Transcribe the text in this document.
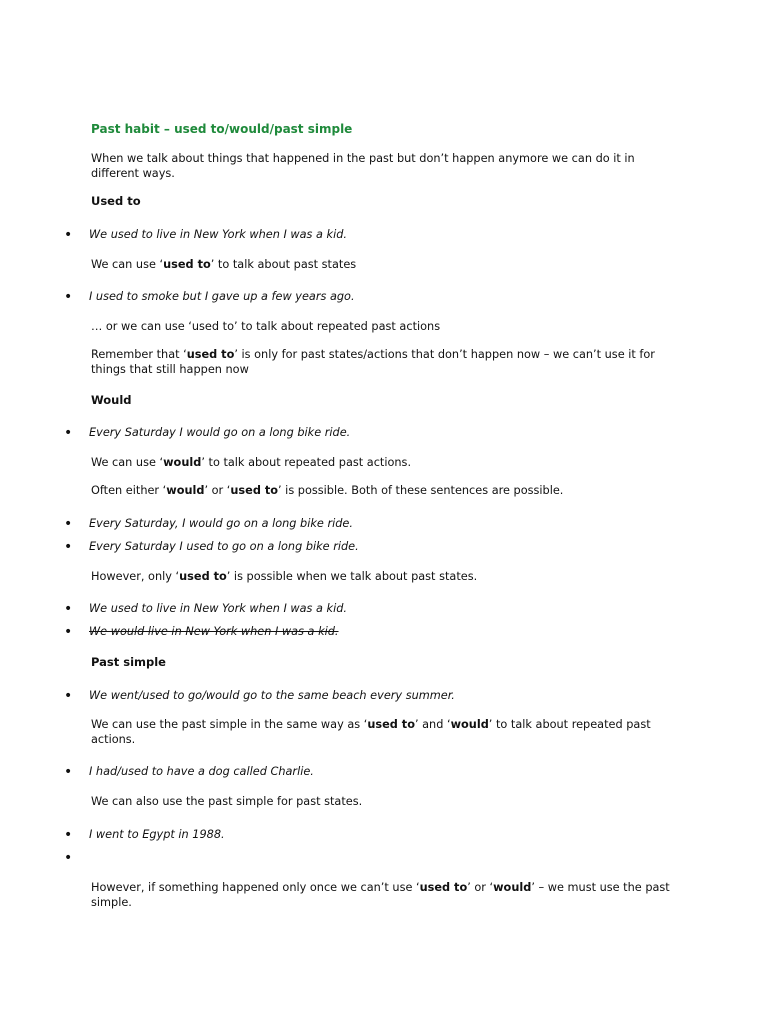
Past habit – used to/would/past simple
When we talk about things that happened in the past but don’t happen anymore we can do it in different ways.
Used to
• We used to live in New York when I was a kid.
We can use ‘used to’ to talk about past states
• I used to smoke but I gave up a few years ago.
… or we can use ‘used to’ to talk about repeated past actions
Remember that ‘used to’ is only for past states/actions that don’t happen now – we can’t use it for things that still happen now
Would
• Every Saturday I would go on a long bike ride.
We can use ‘would’ to talk about repeated past actions.
Often either ‘would’ or ‘used to’ is possible. Both of these sentences are possible.
• Every Saturday, I would go on a long bike ride.
• Every Saturday I used to go on a long bike ride.
However, only ‘used to’ is possible when we talk about past states.
• We used to live in New York when I was a kid.
• We would live in New York when I was a kid.
Past simple
• We went/used to go/would go to the same beach every summer.
We can use the past simple in the same way as ‘used to’ and ‘would’ to talk about repeated past actions.
• I had/used to have a dog called Charlie.
We can also use the past simple for past states.
• I went to Egypt in 1988.
•
However, if something happened only once we can’t use ‘used to’ or ‘would’ – we must use the past simple.
